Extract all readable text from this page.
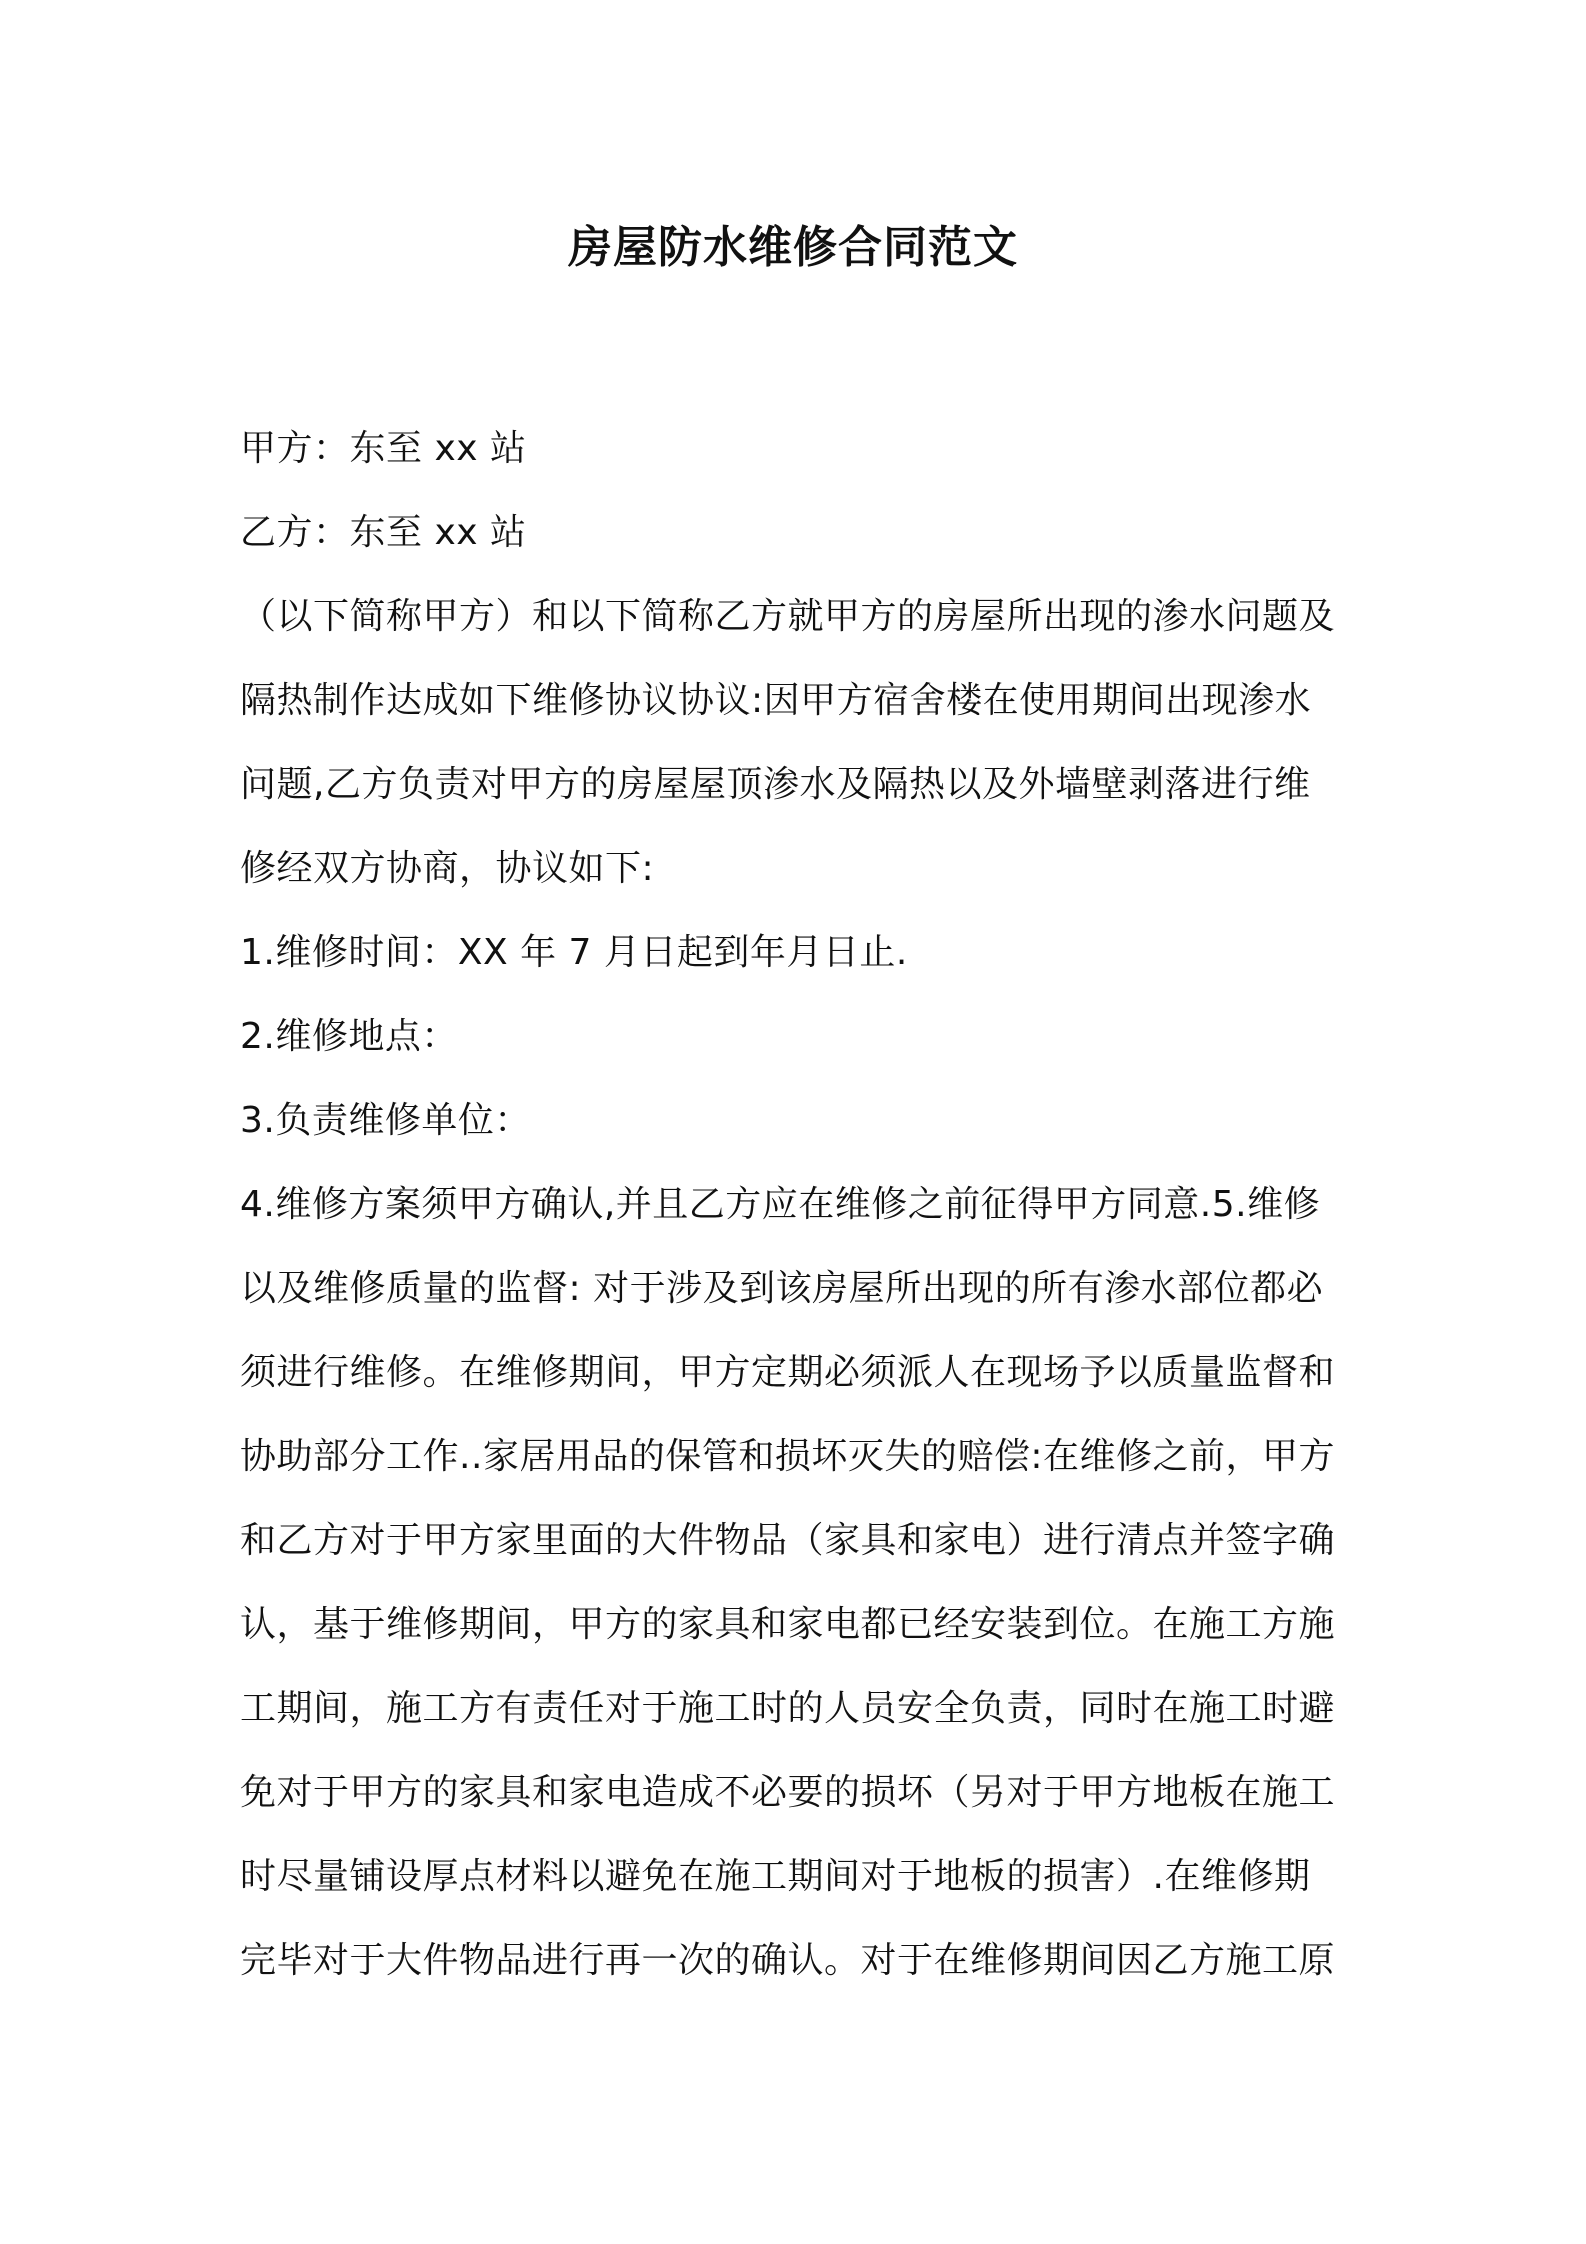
房屋防水维修合同范文
甲方：东至 xx 站
乙方：东至 xx 站
（以下简称甲方）和以下简称乙方就甲方的房屋所出现的渗水问题及
隔热制作达成如下维修协议协议:因甲方宿舍楼在使用期间出现渗水
问题,乙方负责对甲方的房屋屋顶渗水及隔热以及外墙壁剥落进行维
修经双方协商，协议如下:
1.维修时间：XX 年 7 月日起到年月日止.
2.维修地点：
3.负责维修单位：
4.维修方案须甲方确认,并且乙方应在维修之前征得甲方同意.5.维修
以及维修质量的监督: 对于涉及到该房屋所出现的所有渗水部位都必
须进行维修。在维修期间，甲方定期必须派人在现场予以质量监督和
协助部分工作..家居用品的保管和损坏灭失的赔偿:在维修之前，甲方
和乙方对于甲方家里面的大件物品（家具和家电）进行清点并签字确
认，基于维修期间，甲方的家具和家电都已经安装到位。在施工方施
工期间，施工方有责任对于施工时的人员安全负责，同时在施工时避
免对于甲方的家具和家电造成不必要的损坏（另对于甲方地板在施工
时尽量铺设厚点材料以避免在施工期间对于地板的损害）.在维修期
完毕对于大件物品进行再一次的确认。对于在维修期间因乙方施工原
